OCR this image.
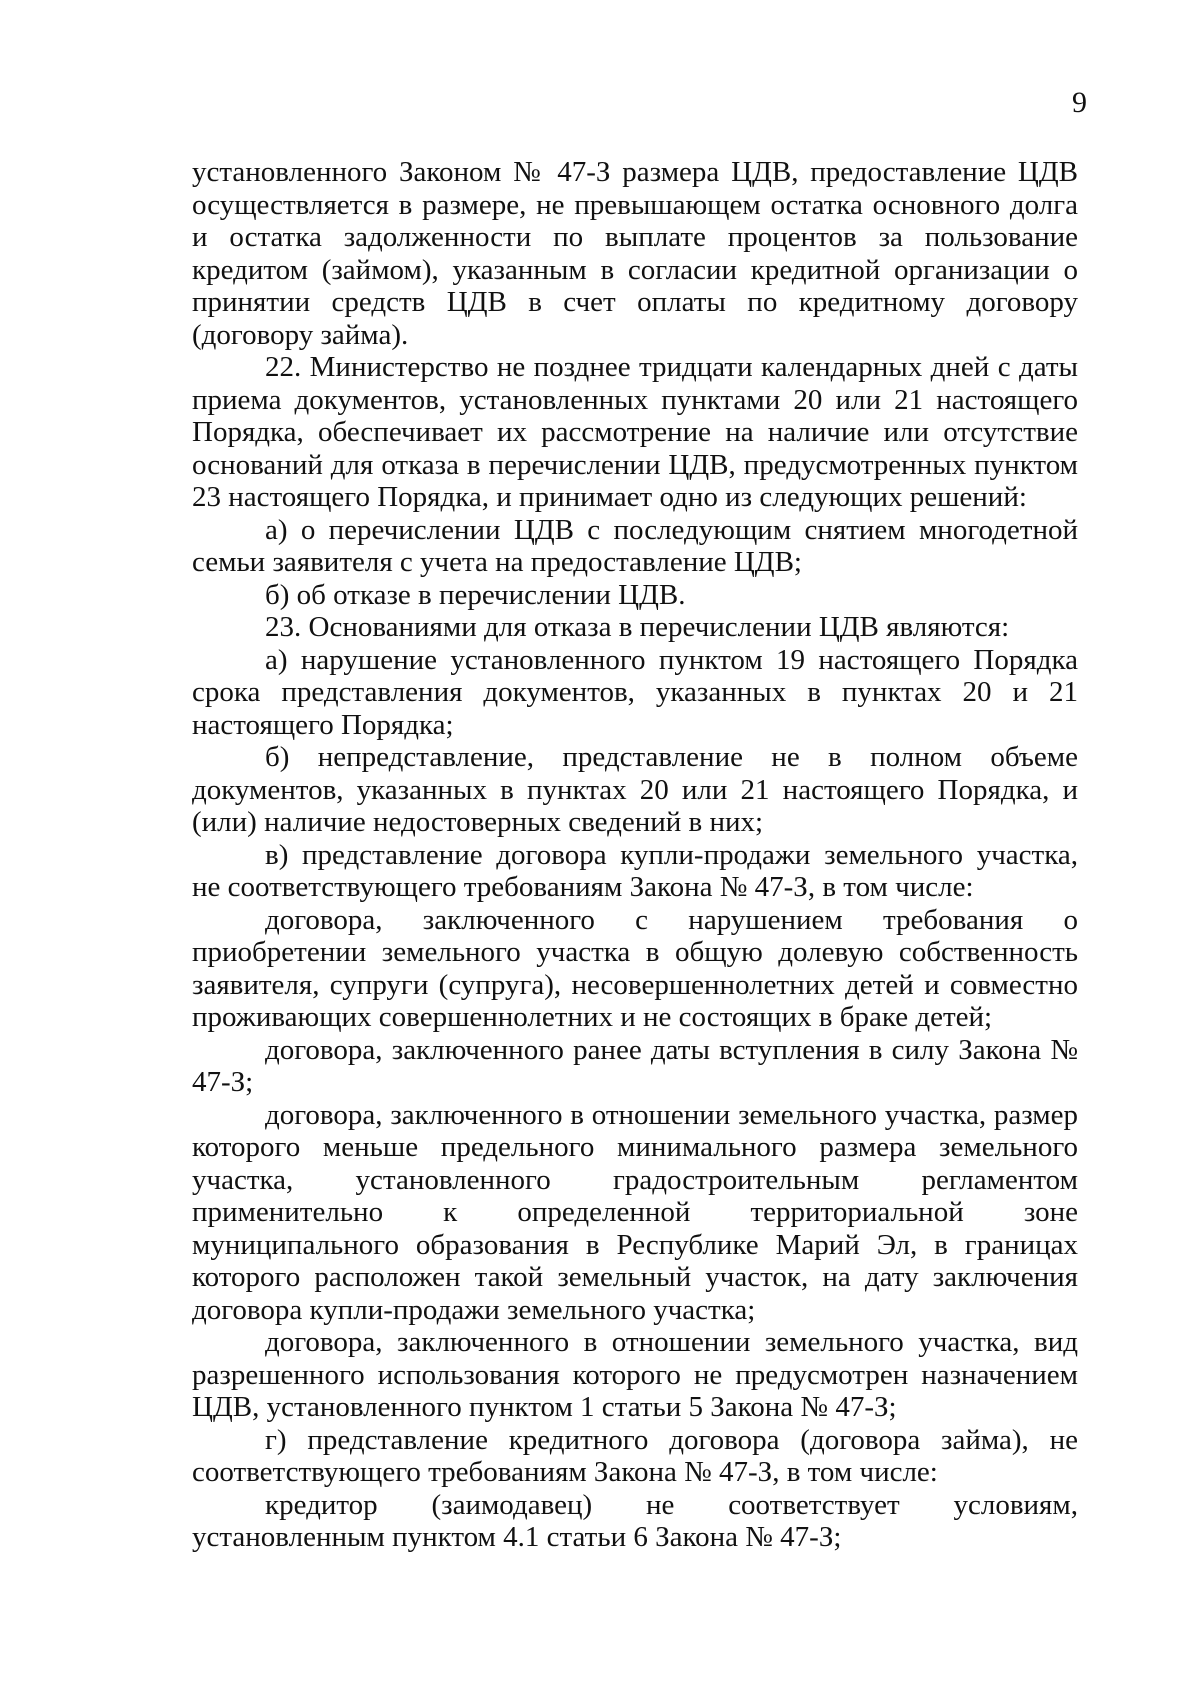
9

установленного Законом № 47-З размера ЦДВ, предоставление ЦДВ осуществляется в размере, не превышающем остатка основного долга и остатка задолженности по выплате процентов за пользование кредитом (займом), указанным в согласии кредитной организации о принятии средств ЦДВ в счет оплаты по кредитному договору (договору займа).

22. Министерство не позднее тридцати календарных дней с даты приема документов, установленных пунктами 20 или 21 настоящего Порядка, обеспечивает их рассмотрение на наличие или отсутствие оснований для отказа в перечислении ЦДВ, предусмотренных пунктом 23 настоящего Порядка, и принимает одно из следующих решений:

а) о перечислении ЦДВ с последующим снятием многодетной семьи заявителя с учета на предоставление ЦДВ;

б) об отказе в перечислении ЦДВ.

23. Основаниями для отказа в перечислении ЦДВ являются:

а) нарушение установленного пунктом 19 настоящего Порядка срока представления документов, указанных в пунктах 20 и 21 настоящего Порядка;

б) непредставление, представление не в полном объеме документов, указанных в пунктах 20 или 21 настоящего Порядка, и (или) наличие недостоверных сведений в них;

в) представление договора купли-продажи земельного участка, не соответствующего требованиям Закона № 47-З, в том числе:

договора, заключенного с нарушением требования о приобретении земельного участка в общую долевую собственность заявителя, супруги (супруга), несовершеннолетних детей и совместно проживающих совершеннолетних и не состоящих в браке детей;

договора, заключенного ранее даты вступления в силу Закона № 47-З;

договора, заключенного в отношении земельного участка, размер которого меньше предельного минимального размера земельного участка, установленного градостроительным регламентом применительно к определенной территориальной зоне муниципального образования в Республике Марий Эл, в границах которого расположен такой земельный участок, на дату заключения договора купли-продажи земельного участка;

договора, заключенного в отношении земельного участка, вид разрешенного использования которого не предусмотрен назначением ЦДВ, установленного пунктом 1 статьи 5 Закона № 47-З;

г) представление кредитного договора (договора займа), не соответствующего требованиям Закона № 47-З, в том числе:

кредитор (заимодавец) не соответствует условиям, установленным пунктом 4.1 статьи 6 Закона № 47-З;
